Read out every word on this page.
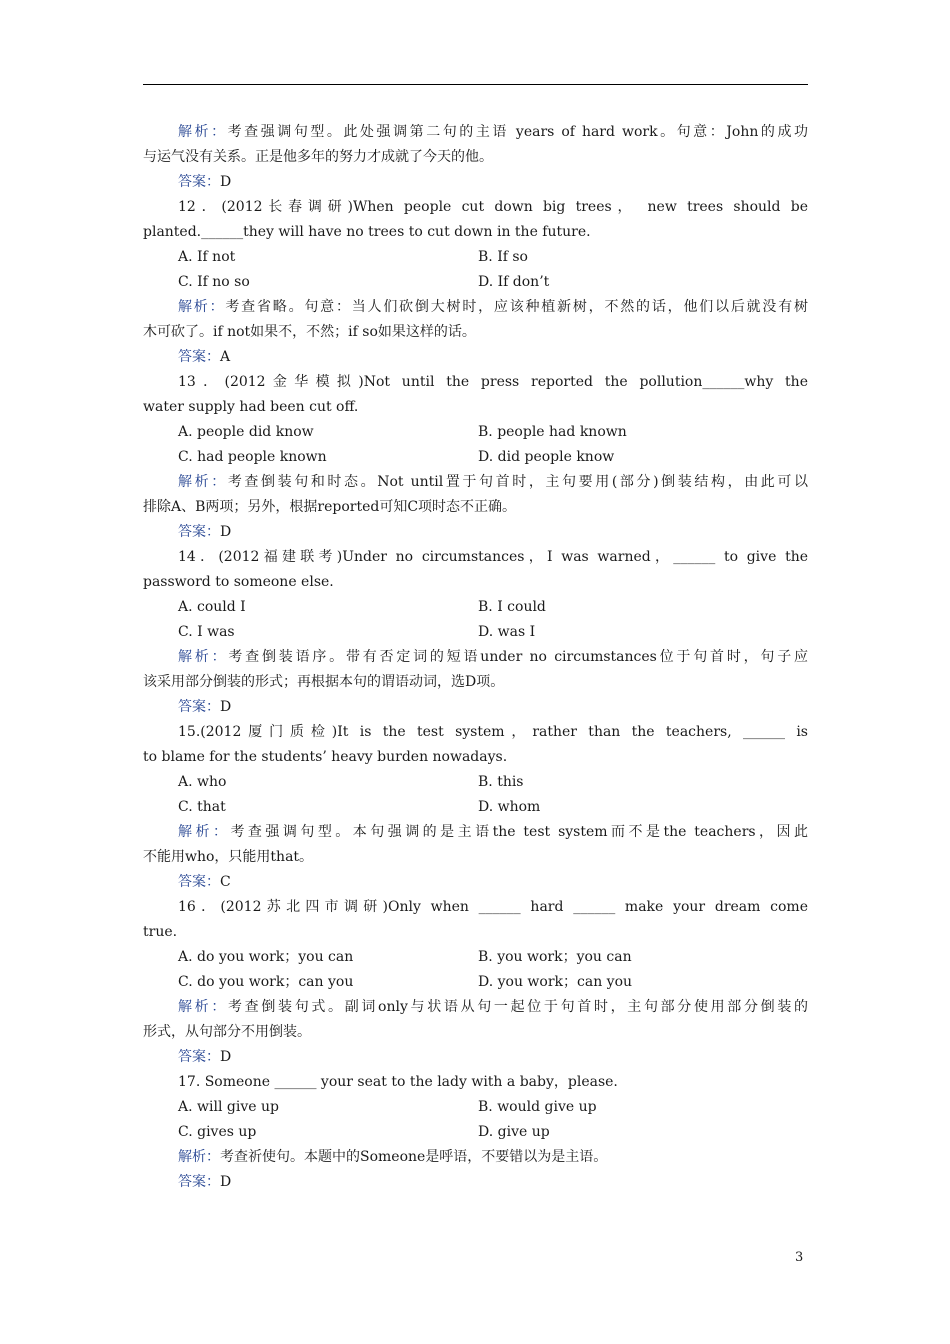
解析：考查强调句型。此处强调第二句的主语 years of hard work。句意：John的成功
与运气没有关系。正是他多年的努力才成就了今天的他。
答案：D
12．(2012长春调研)When people cut down big trees， new trees should be
planted.______they will have no trees to cut down in the future.
A. If not	B. If so
C. If no so	D. If don’t
解析：考查省略。句意：当人们砍倒大树时，应该种植新树，不然的话，他们以后就没有树
木可砍了。if not如果不，不然；if so如果这样的话。
答案：A
13．(2012金华模拟)Not until the press reported the pollution______why the
water supply had been cut off.
A. people did know	B. people had known
C. had people known	D. did people know
解析：考查倒装句和时态。Not until置于句首时，主句要用(部分)倒装结构，由此可以
排除A、B两项；另外，根据reported可知C项时态不正确。
答案：D
14．(2012福建联考)Under no circumstances，I was warned，______ to give the
password to someone else.
A. could I	B. I could
C. I was	D. was I
解析：考查倒装语序。带有否定词的短语under no circumstances位于句首时，句子应
该采用部分倒装的形式；再根据本句的谓语动词，选D项。
答案：D
15.(2012厦门质检)It is the test system，rather than the teachers, ______ is
to blame for the students’ heavy burden nowadays.
A. who	B. this
C. that	D. whom
解析：考查强调句型。本句强调的是主语the test system而不是the teachers，因此
不能用who，只能用that。
答案：C
16．(2012苏北四市调研)Only when ______ hard ______ make your dream come
true.
A. do you work；you can	B. you work；you can
C. do you work；can you	D. you work；can you
解析：考查倒装句式。副词only与状语从句一起位于句首时，主句部分使用部分倒装的
形式，从句部分不用倒装。
答案：D
17. Someone ______ your seat to the lady with a baby，please.
A. will give up	B. would give up
C. gives up	D. give up
解析：考查祈使句。本题中的Someone是呼语，不要错以为是主语。
答案：D
3
